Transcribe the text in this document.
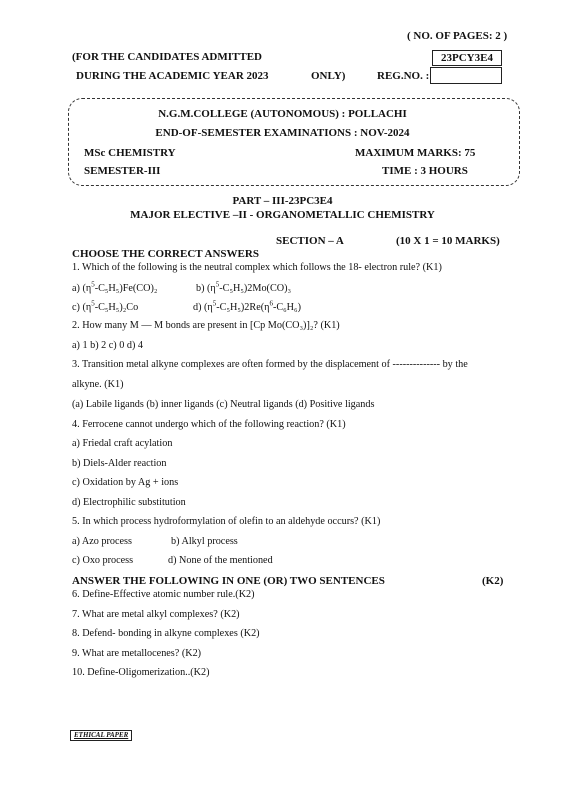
( NO. OF PAGES: 2 )
(FOR THE CANDIDATES ADMITTED	23PCY3E4
DURING THE ACADEMIC YEAR 2023	ONLY)	REG.NO. :
N.G.M.COLLEGE (AUTONOMOUS) : POLLACHI
END-OF-SEMESTER EXAMINATIONS : NOV-2024
MSc CHEMISTRY	MAXIMUM MARKS: 75
SEMESTER-III	TIME : 3 HOURS
PART – III-23PC3E4
MAJOR ELECTIVE –II - ORGANOMETALLIC CHEMISTRY
SECTION – A	(10 X 1 = 10 MARKS)
CHOOSE THE CORRECT ANSWERS
1. Which of the following is the neutral complex which follows the 18- electron rule? (K1)
a) $(\eta^5-C_5H_5)Fe(CO)_2$	b) $(\eta^5-C_5H_5)2Mo(CO)_3$
c) $(\eta^5-C_5H_5)_2Co$	d) $(\eta^5-C_5H_5)2Re(\eta^6-C_6H_6)$
2. How many M — M bonds are present in [Cp Mo(CO₃)]₂? (K1)
a) 1 b) 2 c) 0 d) 4
3. Transition metal alkyne complexes are often formed by the displacement of -------------- by the
alkyne. (K1)
(a) Labile ligands (b) inner ligands (c) Neutral ligands (d) Positive ligands
4. Ferrocene cannot undergo which of the following reaction? (K1)
a) Friedal craft acylation
b) Diels-Alder reaction
c) Oxidation by Ag + ions
d) Electrophilic substitution
5. In which process hydroformylation of olefin to an aldehyde occurs? (K1)
a) Azo process	b) Alkyl process
c) Oxo process	d) None of the mentioned
ANSWER THE FOLLOWING IN ONE (OR) TWO SENTENCES	(K2)
6. Define-Effective atomic number rule.(K2)
7. What are metal alkyl complexes? (K2)
8. Defend- bonding in alkyne complexes (K2)
9. What are metallocenes? (K2)
10. Define-Oligomerization..(K2)
ETHICAL PAPER
